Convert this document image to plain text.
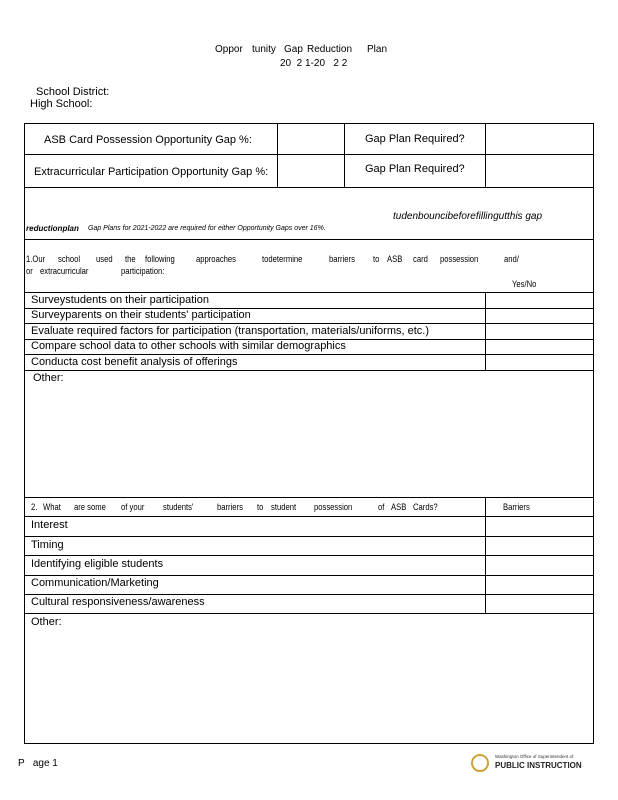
Oppor tunity Gap Reduction Plan
20  2 1-20   2 2
School District:
High School:
ASB Card Possession Opportunity Gap %:	Gap Plan Required?
Extracurricular Participation Opportunity Gap %:	Gap Plan Required?
tudenbouncibeforefillingutthis gap
reductionplan Gap Plans for 2021-2022 are required for either Opportunity Gaps over 16%.
1.Our school used the following approaches	todetermine	barriers to ASB card possession	and/
or extracurricular	participation:
Yes/No
Surveystudents on their participation
Surveyparents on their students' participation
Evaluate required factors for participation (transportation, materials/uniforms, etc.)
Compare school data to other schools with similar demographics
Conducta cost benefit analysis of offerings
Other:
2. What are some of your students'	barriers to student possession	of ASB Cards?	Barriers
Interest
Timing
Identifying eligible students
Communication/Marketing
Cultural responsiveness/awareness
Other:
P   age 1
Washington Office of Superintendent of
PUBLIC INSTRUCTION
